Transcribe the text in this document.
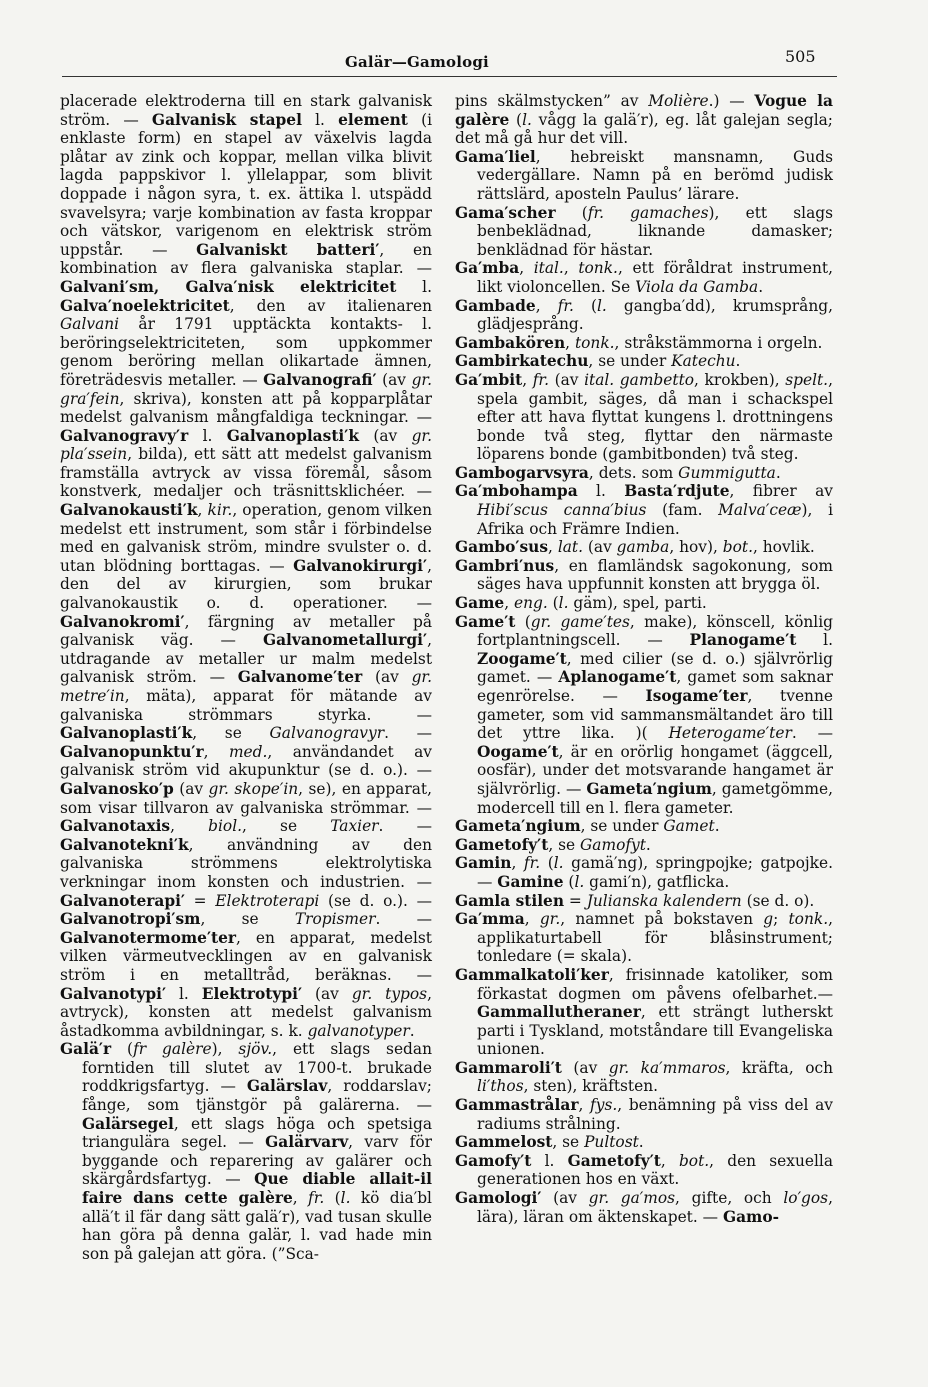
Galär—Gamologi	505

placerade elektroderna till en stark galvanisk ström. — Galvanisk stapel l. element (i enklaste form) en stapel av växelvis lagda plåtar av zink och koppar, mellan vilka blivit lagda pappskivor l. yllelappar, som blivit doppade i någon syra, t. ex. ättika l. utspädd svavelsyra; varje kombination av fasta kroppar och vätskor, varigenom en elektrisk ström uppstår. — Galvaniskt batteri′, en kombination av flera galvaniska staplar. — Galvani′sm, Galva′nisk elektricitet l. Galva′noelektricitet, den av italienaren Galvani år 1791 upptäckta kontakts- l. beröringselektriciteten, som uppkommer genom beröring mellan olikartade ämnen, företrädesvis metaller. — Galvanografi′ (av gr. gra′fein, skriva), konsten att på kopparplåtar medelst galvanism mångfaldiga teckningar. —Galvanogravy′r l. Galvanoplasti′k (av gr. pla′ssein, bilda), ett sätt att medelst galvanism framställa avtryck av vissa föremål, såsom konstverk, medaljer och träsnittsklichéer. — Galvanokausti′k, kir., operation, genom vilken medelst ett instrument, som står i förbindelse med en galvanisk ström, mindre svulster o. d. utan blödning borttagas. — Galvanokirurgi′, den del av kirurgien, som brukar galvanokaustik o. d. operationer. — Galvanokromi′, färgning av metaller på galvanisk väg. — Galvanometallurgi′, utdragande av metaller ur malm medelst galvanisk ström. — Galvanome′ter (av gr. metre′in, mäta), apparat för mätande av galvaniska strömmars styrka. — Galvanoplasti′k, se Galvanogravyr. — Galvanopunktu′r, med., användandet av galvanisk ström vid akupunktur (se d. o.). — Galvanosko′p (av gr. skope′in, se), en apparat, som visar tillvaron av galvaniska strömmar. — Galvanotaxis, biol., se Taxier. — Galvanotekni′k, användning av den galvaniska strömmens elektrolytiska verkningar inom konsten och industrien. — Galvanoterapi′ = Elektroterapi (se d. o.). — Galvanotropi′sm, se Tropismer. — Galvanotermome′ter, en apparat, medelst vilken värmeutvecklingen av en galvanisk ström i en metalltråd, beräknas. — Galvanotypi′ l. Elektrotypi′ (av gr. typos, avtryck), konsten att medelst galvanism åstadkomma avbildningar, s. k. galvanotyper.

Galä′r (fr galère), sjöv., ett slags sedan forntiden till slutet av 1700-t. brukade roddkrigsfartyg. — Galärslav, roddarslav; fånge, som tjänstgör på galärerna. — Galärsegel, ett slags höga och spetsiga triangulära segel. — Galärvarv, varv för byggande och reparering av galärer och skärgårdsfartyg. — Que diable allait-il faire dans cette galère, fr. (l. kö dia′bl allä′t il fär dang sätt galä′r), vad tusan skulle han göra på denna galär, l. vad hade min son på galejan att göra. (”Sca-

pins skälmstycken” av Molière.) — Vogue la galère (l. vågg la galä′r), eg. låt galejan segla; det må gå hur det vill.

Gama′liel, hebreiskt mansnamn, Guds vedergällare. Namn på en berömd judisk rättslärd, aposteln Paulus’ lärare.

Gama′scher (fr. gamaches), ett slags benbeklädnad, liknande damasker; benklädnad för hästar.

Ga′mba, ital., tonk., ett föråldrat instrument, likt violoncellen. Se Viola da Gamba.

Gambade, fr. (l. gangba′dd), krumsprång, glädjesprång.

Gambakören, tonk., stråkstämmorna i orgeln.

Gambirkatechu, se under Katechu.

Ga′mbit, fr. (av ital. gambetto, krokben), spelt., spela gambit, säges, då man i schackspel efter att hava flyttat kungens l. drottningens bonde två steg, flyttar den närmaste löparens bonde (gambitbonden) två steg.

Gambogarvsyra, dets. som Gummigutta.

Ga′mbohampa l. Basta′rdjute, fibrer av Hibi′scus canna′bius (fam. Malva′ceæ), i Afrika och Främre Indien.

Gambo′sus, lat. (av gamba, hov), bot., hovlik.

Gambri′nus, en flamländsk sagokonung, som säges hava uppfunnit konsten att brygga öl.

Game, eng. (l. gäm), spel, parti.

Game′t (gr. game′tes, make), könscell, könlig fortplantningscell. — Planogame′t l. Zoogame′t, med cilier (se d. o.) självrörlig gamet. — Aplanogame′t, gamet som saknar egenrörelse. — Isogame′ter, tvenne gameter, som vid sammansmältandet äro till det yttre lika. )( Heterogame′ter. — Oogame′t, är en orörlig hongamet (äggcell, oosfär), under det motsvarande hangamet är självrörlig. — Gameta′ngium, gametgömme, modercell till en l. flera gameter.

Gameta′ngium, se under Gamet.

Gametofy′t, se Gamofyt.

Gamin, fr. (l. gamä′ng), springpojke; gatpojke. — Gamine (l. gami′n), gatflicka.

Gamla stilen = Julianska kalendern (se d. o).

Ga′mma, gr., namnet på bokstaven g; tonk., applikaturtabell för blåsinstrument; tonledare (= skala).

Gammalkatoli′ker, frisinnade katoliker, som förkastat dogmen om påvens ofelbarhet.— Gammallutheraner, ett strängt lutherskt parti i Tyskland, motståndare till Evangeliska unionen.

Gammaroli′t (av gr. ka′mmaros, kräfta, och li′thos, sten), kräftsten.

Gammastrålar, fys., benämning på viss del av radiums strålning.

Gammelost, se Pultost.

Gamofy′t l. Gametofy′t, bot., den sexuella generationen hos en växt.

Gamologi′ (av gr. ga′mos, gifte, och lo′gos, lära), läran om äktenskapet. — Gamo-
